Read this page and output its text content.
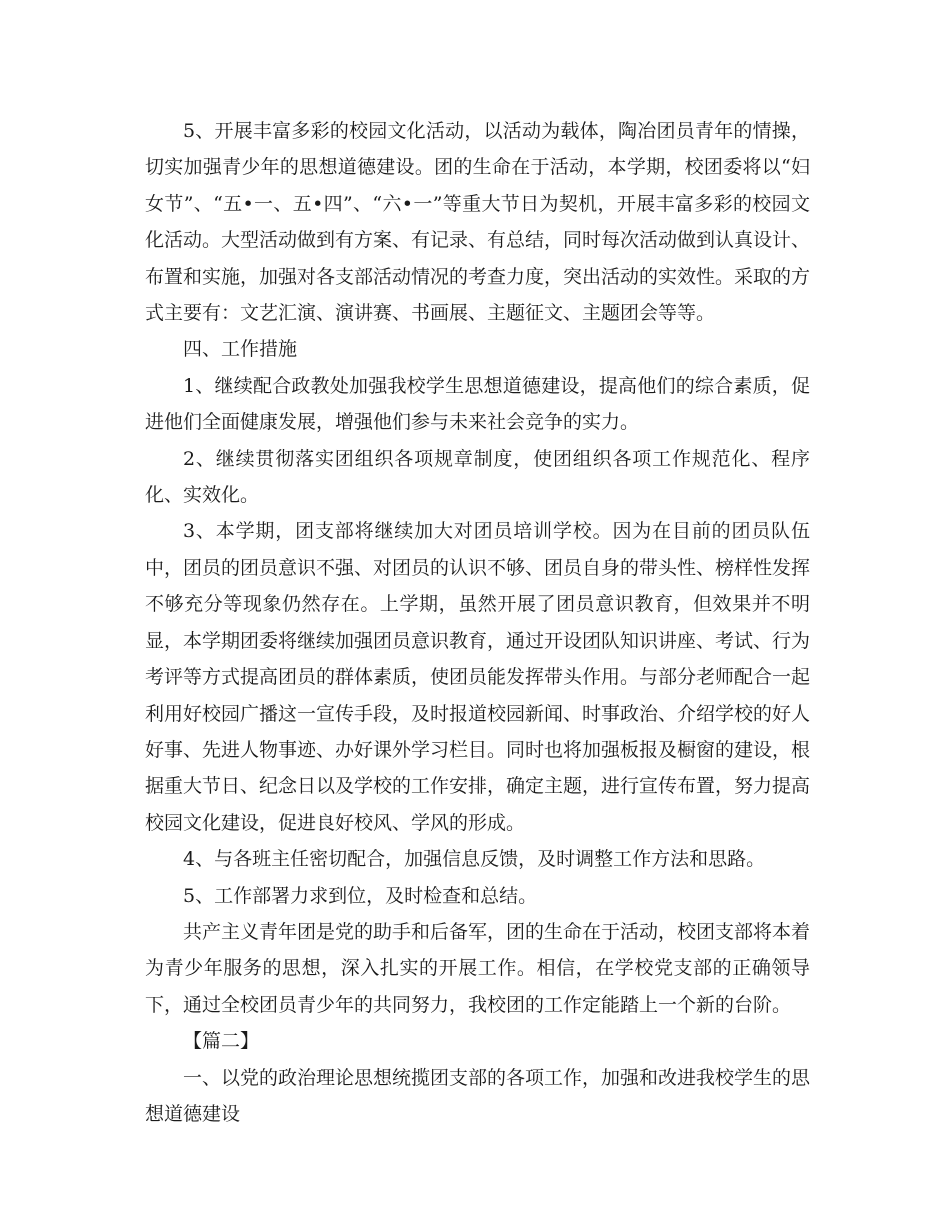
5、开展丰富多彩的校园文化活动，以活动为载体，陶冶团员青年的情操，切实加强青少年的思想道德建设。团的生命在于活动，本学期，校团委将以“妇女节”、“五•一、五•四”、“六•一”等重大节日为契机，开展丰富多彩的校园文化活动。大型活动做到有方案、有记录、有总结，同时每次活动做到认真设计、布置和实施，加强对各支部活动情况的考查力度，突出活动的实效性。采取的方式主要有：文艺汇演、演讲赛、书画展、主题征文、主题团会等等。

四、工作措施

1、继续配合政教处加强我校学生思想道德建设，提高他们的综合素质，促进他们全面健康发展，增强他们参与未来社会竞争的实力。

2、继续贯彻落实团组织各项规章制度，使团组织各项工作规范化、程序化、实效化。

3、本学期，团支部将继续加大对团员培训学校。因为在目前的团员队伍中，团员的团员意识不强、对团员的认识不够、团员自身的带头性、榜样性发挥不够充分等现象仍然存在。上学期，虽然开展了团员意识教育，但效果并不明显，本学期团委将继续加强团员意识教育，通过开设团队知识讲座、考试、行为考评等方式提高团员的群体素质，使团员能发挥带头作用。与部分老师配合一起利用好校园广播这一宣传手段，及时报道校园新闻、时事政治、介绍学校的好人好事、先进人物事迹、办好课外学习栏目。同时也将加强板报及橱窗的建设，根据重大节日、纪念日以及学校的工作安排，确定主题，进行宣传布置，努力提高校园文化建设，促进良好校风、学风的形成。

4、与各班主任密切配合，加强信息反馈，及时调整工作方法和思路。

5、工作部署力求到位，及时检查和总结。

共产主义青年团是党的助手和后备军，团的生命在于活动，校团支部将本着为青少年服务的思想，深入扎实的开展工作。相信，在学校党支部的正确领导下，通过全校团员青少年的共同努力，我校团的工作定能踏上一个新的台阶。

【篇二】

一、以党的政治理论思想统揽团支部的各项工作，加强和改进我校学生的思想道德建设
